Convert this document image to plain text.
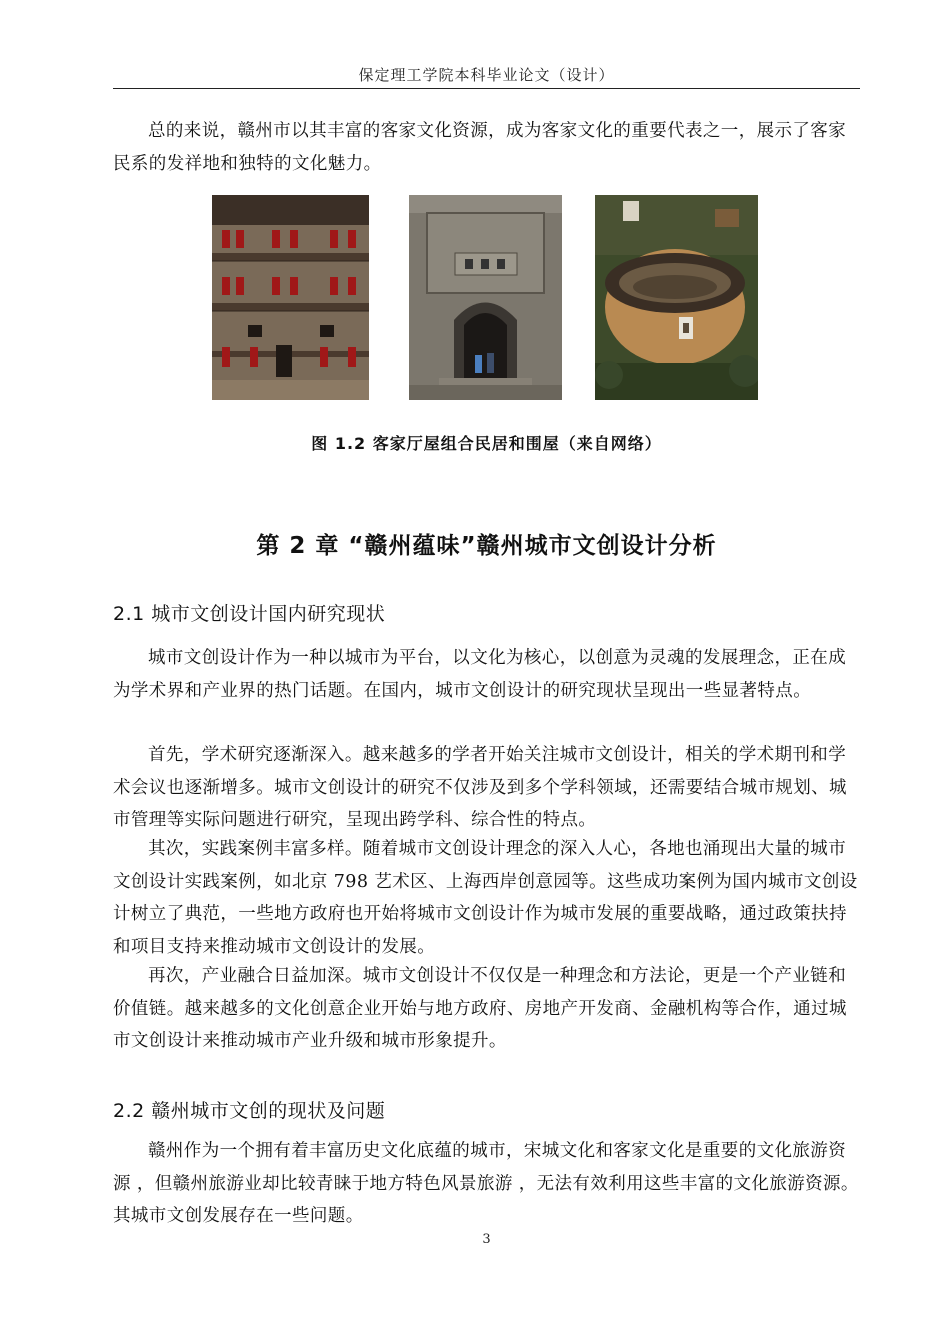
保定理工学院本科毕业论文（设计）

总的来说，赣州市以其丰富的客家文化资源，成为客家文化的重要代表之一，展示了客家民系的发祥地和独特的文化魅力。

图 1.2 客家厅屋组合民居和围屋（来自网络）
第 2 章 “赣州蕴味”赣州城市文创设计分析
2.1 城市文创设计国内研究现状

城市文创设计作为一种以城市为平台，以文化为核心，以创意为灵魂的发展理念，正在成为学术界和产业界的热门话题。在国内，城市文创设计的研究现状呈现出一些显著特点。

首先，学术研究逐渐深入。越来越多的学者开始关注城市文创设计，相关的学术期刊和学术会议也逐渐增多。城市文创设计的研究不仅涉及到多个学科领域，还需要结合城市规划、城市管理等实际问题进行研究，呈现出跨学科、综合性的特点。

其次，实践案例丰富多样。随着城市文创设计理念的深入人心，各地也涌现出大量的城市文创设计实践案例，如北京 798 艺术区、上海西岸创意园等。这些成功案例为国内城市文创设计树立了典范，一些地方政府也开始将城市文创设计作为城市发展的重要战略，通过政策扶持和项目支持来推动城市文创设计的发展。

再次，产业融合日益加深。城市文创设计不仅仅是一种理念和方法论，更是一个产业链和价值链。越来越多的文化创意企业开始与地方政府、房地产开发商、金融机构等合作，通过城市文创设计来推动城市产业升级和城市形象提升。

2.2 赣州城市文创的现状及问题

赣州作为一个拥有着丰富历史文化底蕴的城市，宋城文化和客家文化是重要的文化旅游资源 ，但赣州旅游业却比较青睐于地方特色风景旅游 ，无法有效利用这些丰富的文化旅游资源。其城市文创发展存在一些问题。

3
